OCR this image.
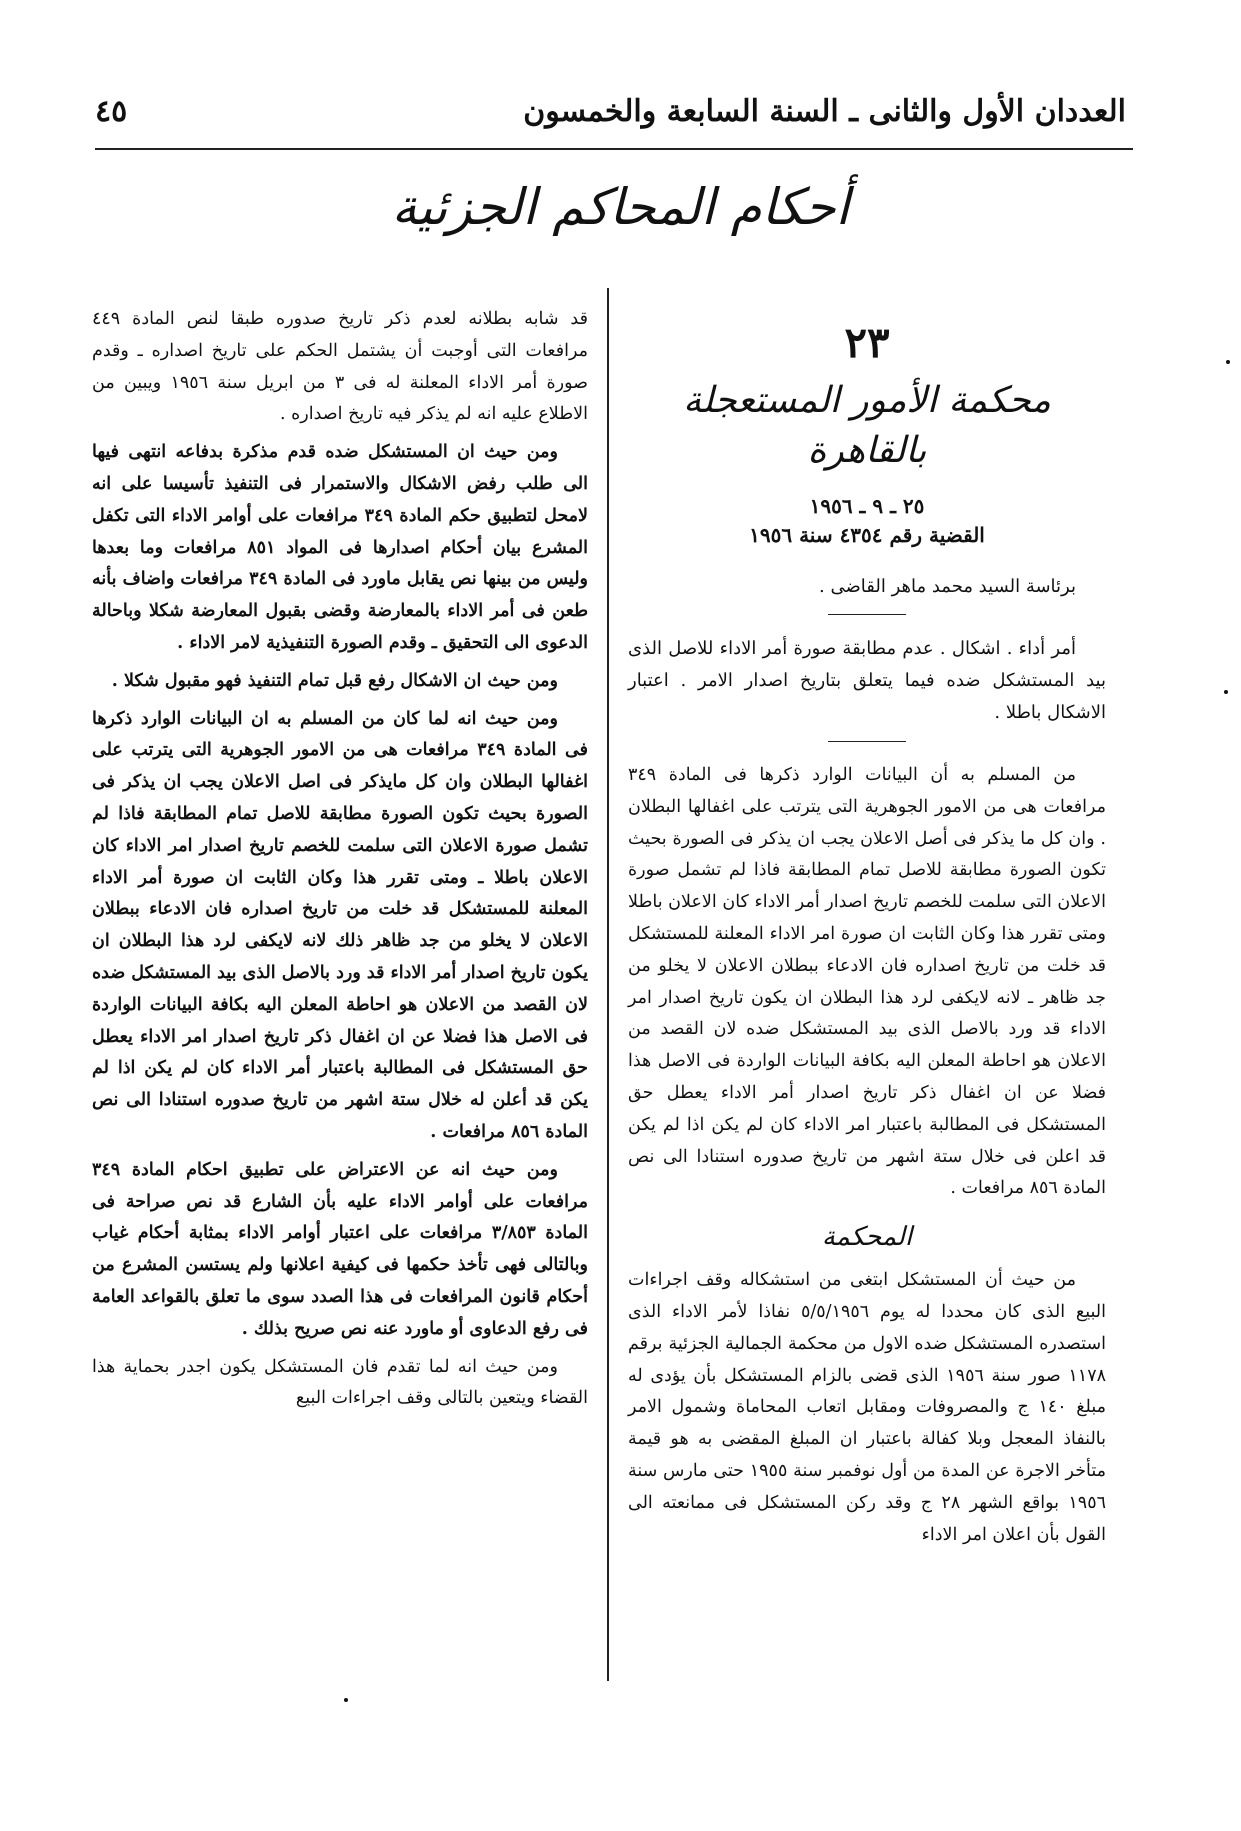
العددان الأول والثانى ـ السنة السابعة والخمسون
٤٥
أحكام المحاكم الجزئية
٢٣
محكمة الأمور المستعجلة بالقاهرة
٢٥ ـ ٩ ـ ١٩٥٦
القضية رقم ٤٣٥٤ سنة ١٩٥٦

برئاسة السيد محمد ماهر القاضى .

أمر أداء . اشكال . عدم مطابقة صورة أمر الاداء للاصل الذى بيد المستشكل ضده فيما يتعلق بتاريخ اصدار الامر . اعتبار الاشكال باطلا .

من المسلم به أن البيانات الوارد ذكرها فى المادة ٣٤٩ مرافعات هى من الامور الجوهرية التى يترتب على اغفالها البطلان . وان كل ما يذكر فى أصل الاعلان يجب ان يذكر فى الصورة بحيث تكون الصورة مطابقة للاصل تمام المطابقة فاذا لم تشمل صورة الاعلان التى سلمت للخصم تاريخ اصدار أمر الاداء كان الاعلان باطلا ومتى تقرر هذا وكان الثابت ان صورة امر الاداء المعلنة للمستشكل قد خلت من تاريخ اصداره فان الادعاء ببطلان الاعلان لا يخلو من جد ظاهر ـ لانه لايكفى لرد هذا البطلان ان يكون تاريخ اصدار امر الاداء قد ورد بالاصل الذى بيد المستشكل ضده لان القصد من الاعلان هو احاطة المعلن اليه بكافة البيانات الواردة فى الاصل هذا فضلا عن ان اغفال ذكر تاريخ اصدار أمر الاداء يعطل حق المستشكل فى المطالبة باعتبار امر الاداء كان لم يكن اذا لم يكن قد اعلن فى خلال ستة اشهر من تاريخ صدوره استنادا الى نص المادة ٨٥٦ مرافعات .

المحكمة

من حيث أن المستشكل ابتغى من استشكاله وقف اجراءات البيع الذى كان محددا له يوم ٥/٥/١٩٥٦ نفاذا لأمر الاداء الذى استصدره المستشكل ضده الاول من محكمة الجمالية الجزئية برقم ١١٧٨ صور سنة ١٩٥٦ الذى قضى بالزام المستشكل بأن يؤدى له مبلغ ١٤٠ ج والمصروفات ومقابل اتعاب المحاماة وشمول الامر بالنفاذ المعجل وبلا كفالة باعتبار ان المبلغ المقضى به هو قيمة متأخر الاجرة عن المدة من أول نوفمبر سنة ١٩٥٥ حتى مارس سنة ١٩٥٦ بواقع الشهر ٢٨ ج وقد ركن المستشكل فى ممانعته الى القول بأن اعلان امر الاداء

قد شابه بطلانه لعدم ذكر تاريخ صدوره طبقا لنص المادة ٤٤٩ مرافعات التى أوجبت أن يشتمل الحكم على تاريخ اصداره ـ وقدم صورة أمر الاداء المعلنة له فى ٣ من ابريل سنة ١٩٥٦ ويبين من الاطلاع عليه انه لم يذكر فيه تاريخ اصداره .

ومن حيث ان المستشكل ضده قدم مذكرة بدفاعه انتهى فيها الى طلب رفض الاشكال والاستمرار فى التنفيذ تأسيسا على انه لامحل لتطبيق حكم المادة ٣٤٩ مرافعات على أوامر الاداء التى تكفل المشرع بيان أحكام اصدارها فى المواد ٨٥١ مرافعات وما بعدها وليس من بينها نص يقابل ماورد فى المادة ٣٤٩ مرافعات واضاف بأنه طعن فى أمر الاداء بالمعارضة وقضى بقبول المعارضة شكلا وباحالة الدعوى الى التحقيق ـ وقدم الصورة التنفيذية لامر الاداء .

ومن حيث ان الاشكال رفع قبل تمام التنفيذ فهو مقبول شكلا .

ومن حيث انه لما كان من المسلم به ان البيانات الوارد ذكرها فى المادة ٣٤٩ مرافعات هى من الامور الجوهرية التى يترتب على اغفالها البطلان وان كل مايذكر فى اصل الاعلان يجب ان يذكر فى الصورة بحيث تكون الصورة مطابقة للاصل تمام المطابقة فاذا لم تشمل صورة الاعلان التى سلمت للخصم تاريخ اصدار امر الاداء كان الاعلان باطلا ـ ومتى تقرر هذا وكان الثابت ان صورة أمر الاداء المعلنة للمستشكل قد خلت من تاريخ اصداره فان الادعاء ببطلان الاعلان لا يخلو من جد ظاهر ذلك لانه لايكفى لرد هذا البطلان ان يكون تاريخ اصدار أمر الاداء قد ورد بالاصل الذى بيد المستشكل ضده لان القصد من الاعلان هو احاطة المعلن اليه بكافة البيانات الواردة فى الاصل هذا فضلا عن ان اغفال ذكر تاريخ اصدار امر الاداء يعطل حق المستشكل فى المطالبة باعتبار أمر الاداء كان لم يكن اذا لم يكن قد أعلن له خلال ستة اشهر من تاريخ صدوره استنادا الى نص المادة ٨٥٦ مرافعات .

ومن حيث انه عن الاعتراض على تطبيق احكام المادة ٣٤٩ مرافعات على أوامر الاداء عليه بأن الشارع قد نص صراحة فى المادة ٣/٨٥٣ مرافعات على اعتبار أوامر الاداء بمثابة أحكام غياب وبالتالى فهى تأخذ حكمها فى كيفية اعلانها ولم يستسن المشرع من أحكام قانون المرافعات فى هذا الصدد سوى ما تعلق بالقواعد العامة فى رفع الدعاوى أو ماورد عنه نص صريح بذلك .

ومن حيث انه لما تقدم فان المستشكل يكون اجدر بحماية هذا القضاء ويتعين بالتالى وقف اجراءات البيع
